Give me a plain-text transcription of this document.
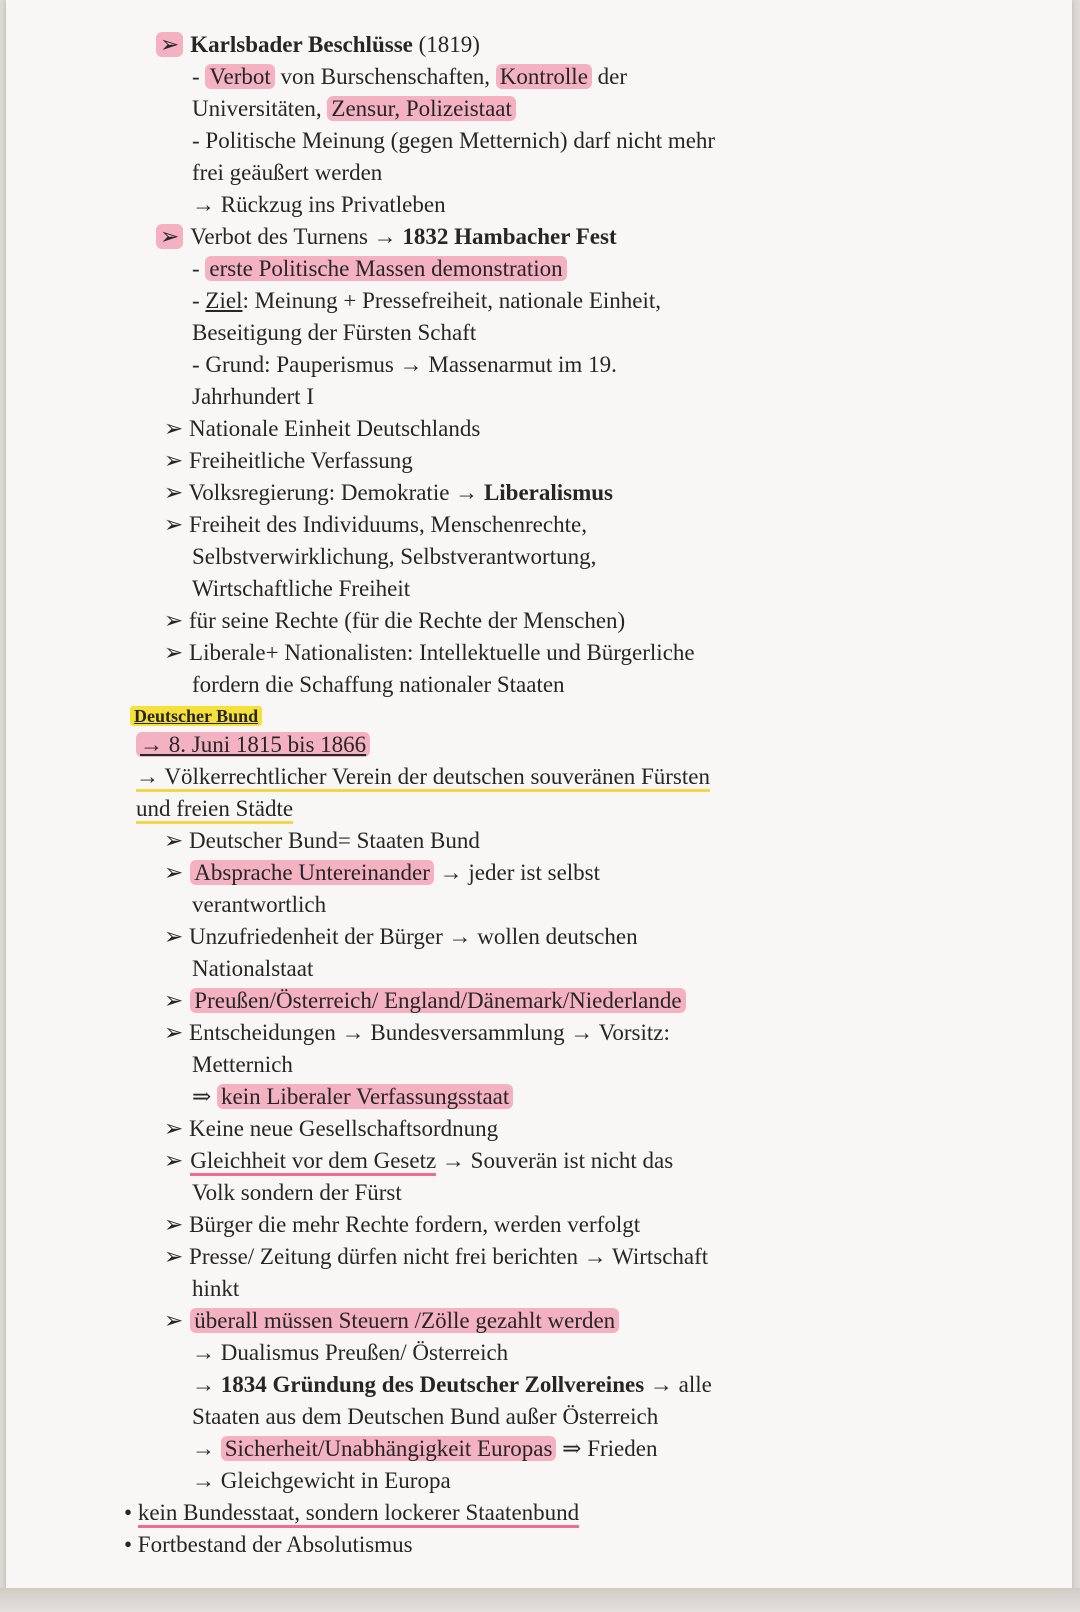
➢ Karlsbader Beschlüsse (1819)
- Verbot von Burschenschaften, Kontrolle der
Universitäten, Zensur, Polizeistaat
- Politische Meinung (gegen Metternich) darf nicht mehr
frei geäußert werden
→ Rückzug ins Privatleben
➢ Verbot des Turnens → 1832 Hambacher Fest
- erste Politische Massen demonstration
- Ziel: Meinung + Pressefreiheit, nationale Einheit,
Beseitigung der Fürsten Schaft
- Grund: Pauperismus → Massenarmut im 19.
Jahrhundert I
➢ Nationale Einheit Deutschlands
➢ Freiheitliche Verfassung
➢ Volksregierung: Demokratie → Liberalismus
➢ Freiheit des Individuums, Menschenrechte,
Selbstverwirklichung, Selbstverantwortung,
Wirtschaftliche Freiheit
➢ für seine Rechte (für die Rechte der Menschen)
➢ Liberale+ Nationalisten: Intellektuelle und Bürgerliche
fordern die Schaffung nationaler Staaten
Deutscher Bund
→ 8. Juni 1815 bis 1866
→ Völkerrechtlicher Verein der deutschen souveränen Fürsten
und freien Städte
➢ Deutscher Bund= Staaten Bund
➢ Absprache Untereinander → jeder ist selbst
verantwortlich
➢ Unzufriedenheit der Bürger → wollen deutschen
Nationalstaat
➢ Preußen/Österreich/ England/Dänemark/Niederlande
➢ Entscheidungen → Bundesversammlung → Vorsitz:
Metternich
⇒ kein Liberaler Verfassungsstaat
➢ Keine neue Gesellschaftsordnung
➢ Gleichheit vor dem Gesetz → Souverän ist nicht das
Volk sondern der Fürst
➢ Bürger die mehr Rechte fordern, werden verfolgt
➢ Presse/ Zeitung dürfen nicht frei berichten → Wirtschaft
hinkt
➢ überall müssen Steuern /Zölle gezahlt werden
→ Dualismus Preußen/ Österreich
→ 1834 Gründung des Deutscher Zollvereines → alle
Staaten aus dem Deutschen Bund außer Österreich
→ Sicherheit/Unabhängigkeit Europas ⇒ Frieden
→ Gleichgewicht in Europa
• kein Bundesstaat, sondern lockerer Staatenbund
• Fortbestand der Absolutismus
